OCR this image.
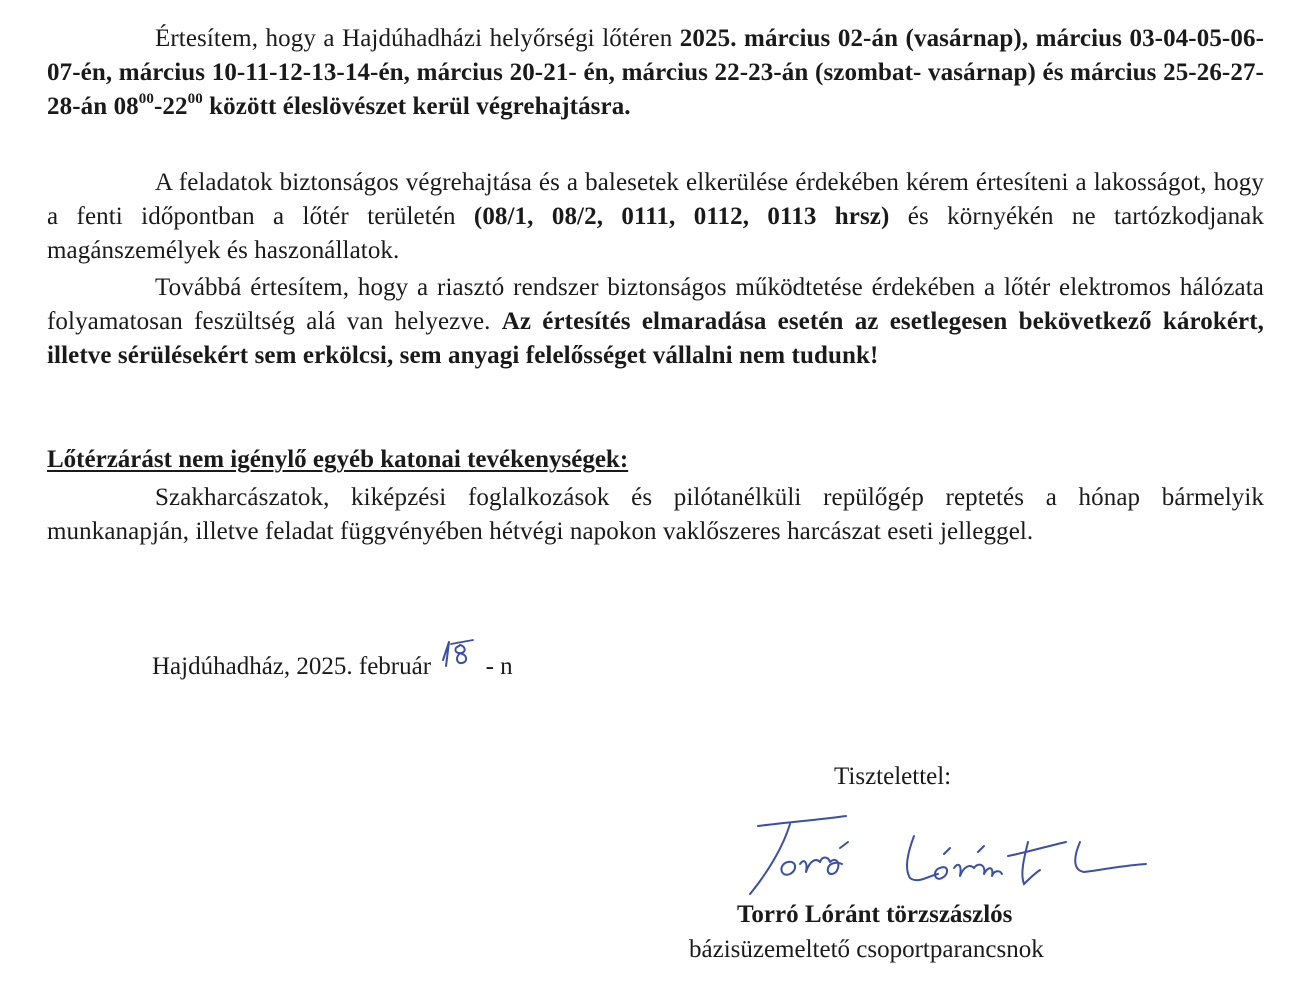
Értesítem, hogy a Hajdúhadházi helyőrségi lőtéren 2025. március 02-án (vasárnap), március 03-04-05-06-07-én, március 10-11-12-13-14-én, március 20-21- én, március 22-23-án (szombat- vasárnap) és március 25-26-27-28-án $08^{00}-22^{00}$ között éleslövészet kerül végrehajtásra.

A feladatok biztonságos végrehajtása és a balesetek elkerülése érdekében kérem értesíteni a lakosságot, hogy a fenti időpontban a lőtér területén (08/1, 08/2, 0111, 0112, 0113 hrsz) és környékén ne tartózkodjanak magánszemélyek és haszonállatok.

Továbbá értesítem, hogy a riasztó rendszer biztonságos működtetése érdekében a lőtér elektromos hálózata folyamatosan feszültség alá van helyezve. Az értesítés elmaradása esetén az esetlegesen bekövetkező károkért, illetve sérülésekért sem erkölcsi, sem anyagi felelősséget vállalni nem tudunk!

Lőtérzárást nem igénylő egyéb katonai tevékenységek:

Szakharcászatok, kiképzési foglalkozások és pilótanélküli repülőgép reptetés a hónap bármelyik munkanapján, illetve feladat függvényében hétvégi napokon vaklőszeres harcászat eseti jelleggel.

Hajdúhadház, 2025. február - n
Tisztelettel:
Torró Lóránt törzszászlós
bázisüzemeltető csoportparancsnok
